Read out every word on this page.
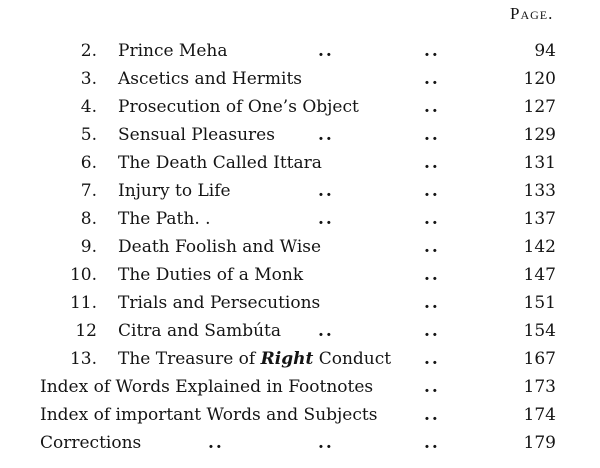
Page.
2. Prince Meha	..	..	94
3. Ascetics and Hermits	..	120
4. Prosecution of One’s Object	..	127
5. Sensual Pleasures	..	..	129
6. The Death Called Ittara	..	131
7. Injury to Life	..	..	133
8. The Path. .	..	..	137
9. Death Foolish and Wise	..	142
10. The Duties of a Monk	..	147
11. Trials and Persecutions	..	151
12 Citra and Sambúta ..	..	154
13. The Treasure of Right Conduct ..	167
Index of Words Explained in Footnotes	..	173
Index of important Words and Subjects	..	174
Corrections	..	..	..	179
